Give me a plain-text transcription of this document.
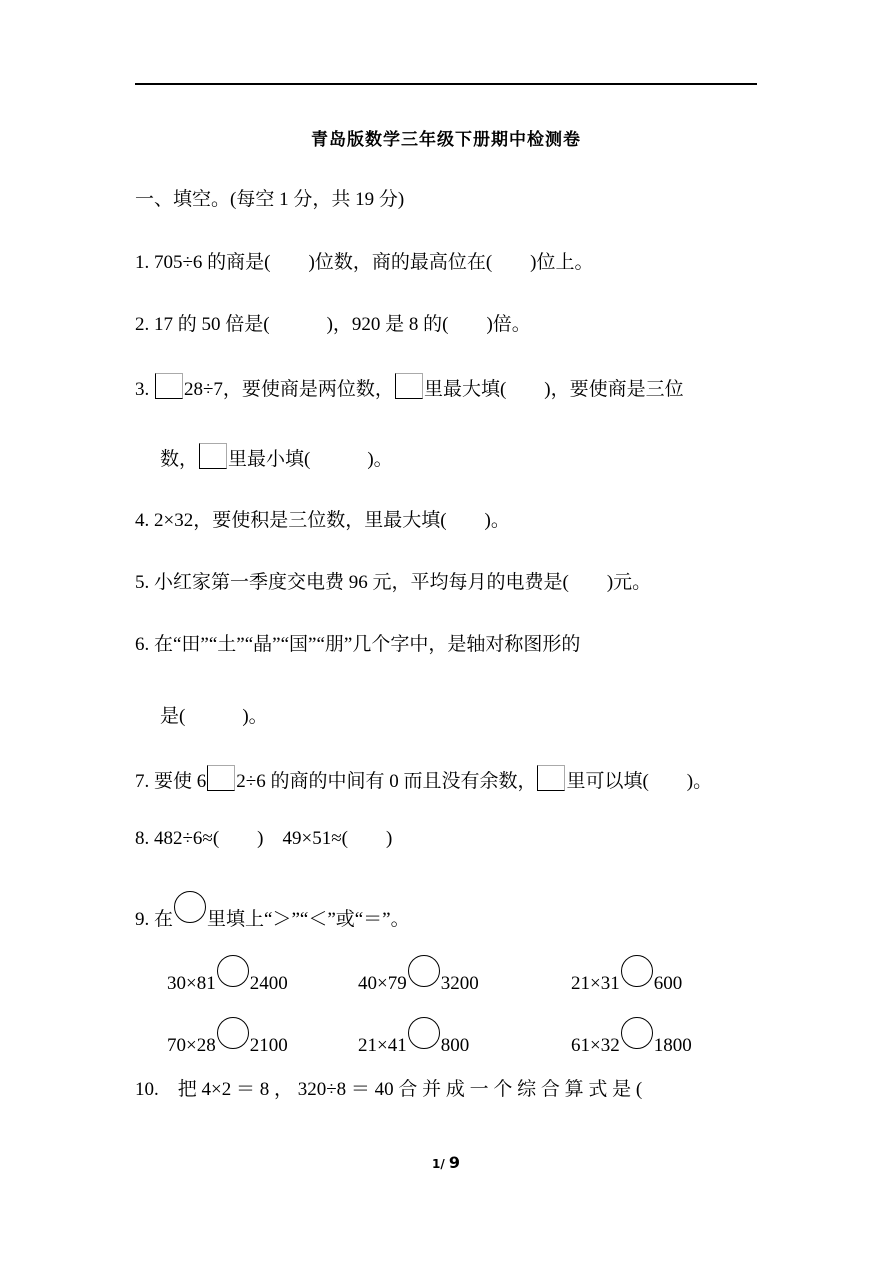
青岛版数学三年级下册期中检测卷
一、填空。(每空 1 分，共 19 分)
1. 705÷6 的商是(　　)位数，商的最高位在(　　)位上。
2. 17 的 50 倍是(　　　)，920 是 8 的(　　)倍。
3. 28÷7，要使商是两位数， 里最大填(　　)，要使商是三位
数， 里最小填(　　　)。
4. 2×32，要使积是三位数，里最大填(　　)。
5. 小红家第一季度交电费 96 元，平均每月的电费是(　　)元。
6. 在“田”“土”“晶”“国”“朋”几个字中，是轴对称图形的
是(　　　)。
7. 要使 6 2÷6 的商的中间有 0 而且没有余数， 里可以填(　　)。
8. 482÷6≈(　　)　49×51≈(　　)
9. 在 里填上“＞”“＜”或“＝”。
30×81 2400	40×79 3200	21×31 600
70×28 2100	21×41 800	61×32 1800
10.　把 4×2 ＝ 8 ， 320÷8 ＝ 40 合 并 成 一 个 综 合 算 式 是 (
1/ 9
